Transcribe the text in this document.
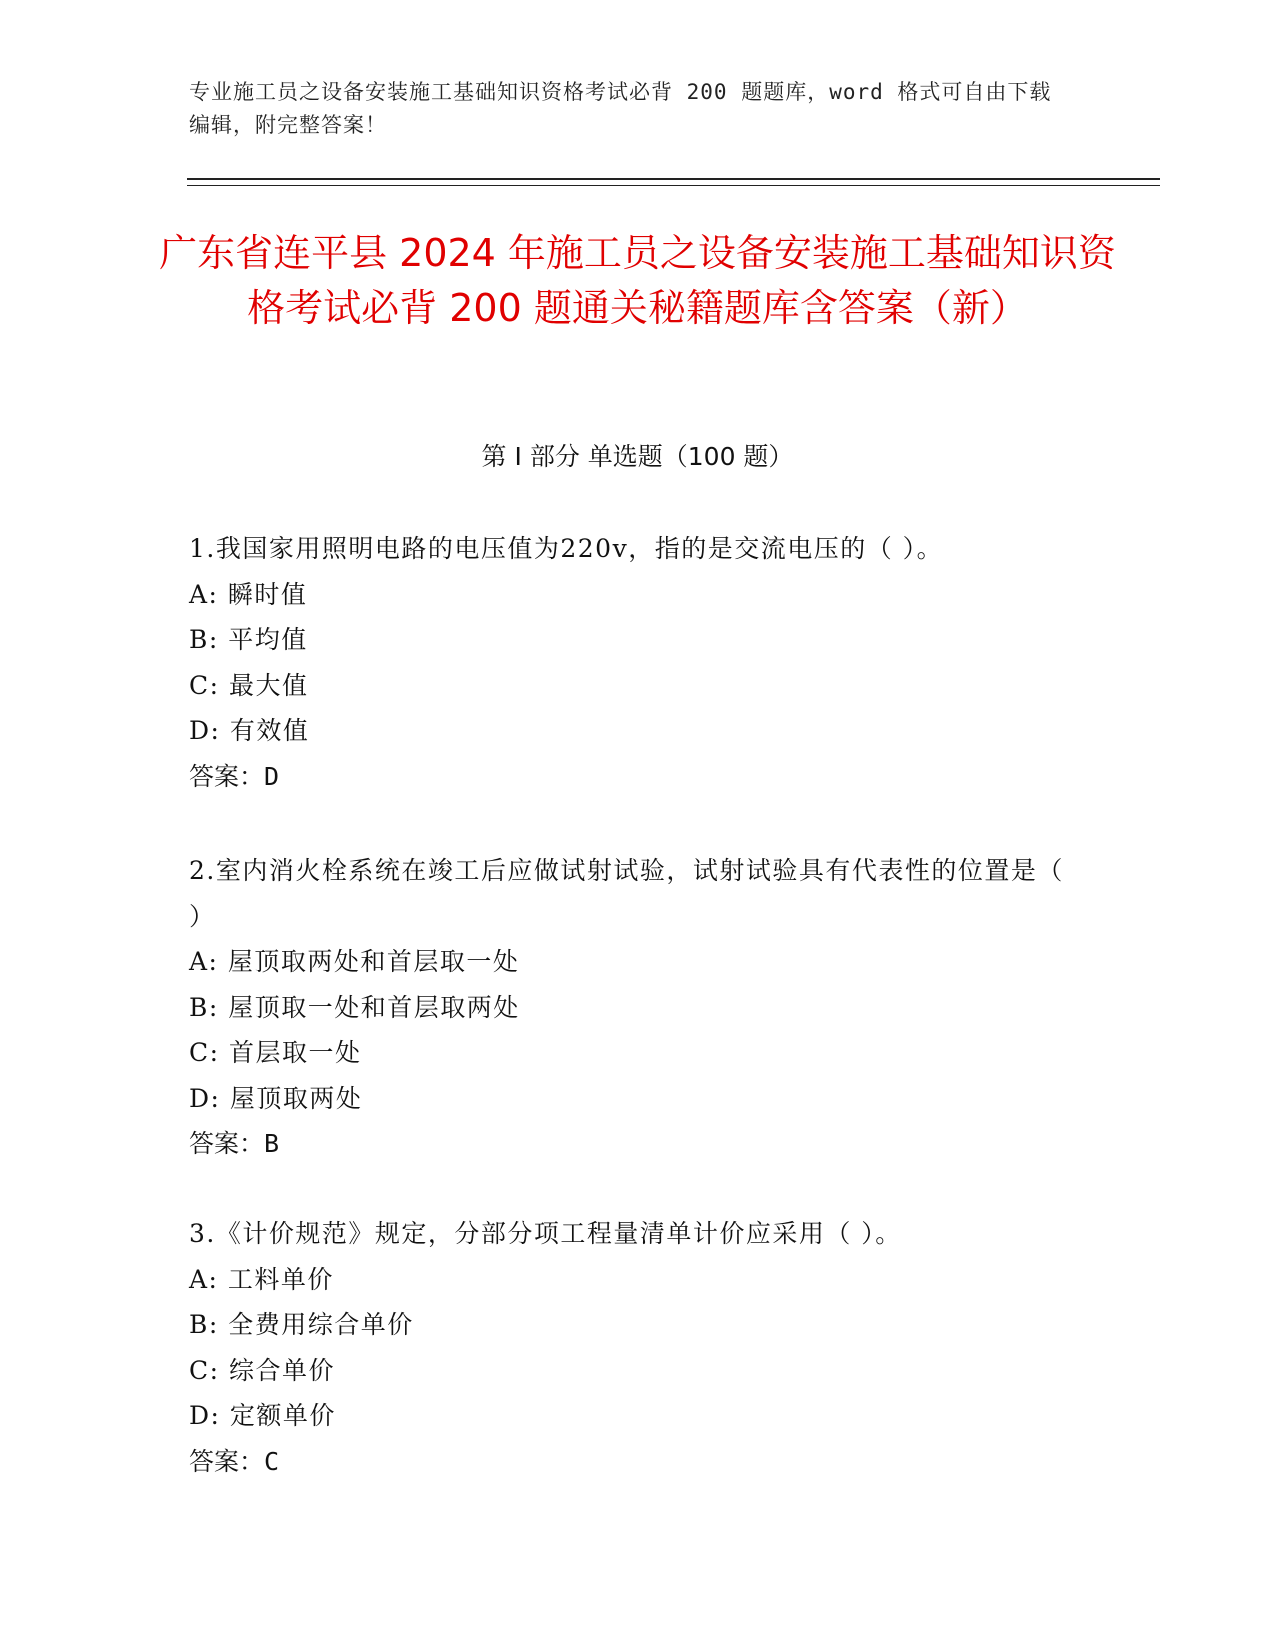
专业施工员之设备安装施工基础知识资格考试必背 200 题题库，word 格式可自由下载编辑，附完整答案！

广东省连平县 2024 年施工员之设备安装施工基础知识资格考试必背 200 题通关秘籍题库含答案（新）
第 I 部分 单选题（100 题）

1.我国家用照明电路的电压值为220v，指的是交流电压的（ ）。

A: 瞬时值

B: 平均值

C: 最大值

D: 有效值

答案：D

2.室内消火栓系统在竣工后应做试射试验，试射试验具有代表性的位置是（ ）

A: 屋顶取两处和首层取一处

B: 屋顶取一处和首层取两处

C: 首层取一处

D: 屋顶取两处

答案：B

3.《计价规范》规定，分部分项工程量清单计价应采用（ ）。

A: 工料单价

B: 全费用综合单价

C: 综合单价

D: 定额单价

答案：C
